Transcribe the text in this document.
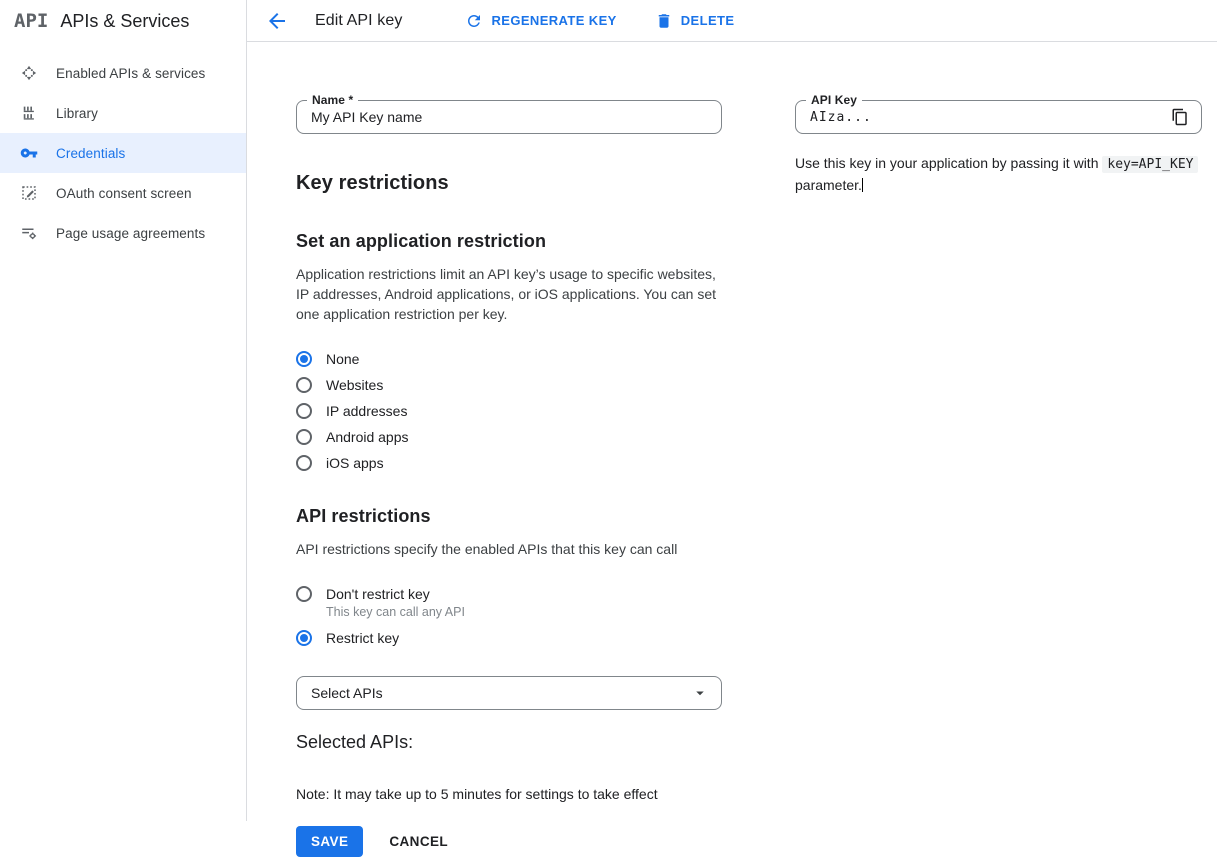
API APIs & Services
Enabled APIs & services
Library
Credentials
OAuth consent screen
Page usage agreements
Edit API key	REGENERATE KEY	DELETE
Name *
My API Key name
Key restrictions
Set an application restriction

Application restrictions limit an API key’s usage to specific websites, IP addresses, Android applications, or iOS applications. You can set one application restriction per key.

None
Websites
IP addresses
Android apps
iOS apps
API restrictions

API restrictions specify the enabled APIs that this key can call

Don't restrict key
This key can call any API
Restrict key
Select APIs
Selected APIs:

Note: It may take up to 5 minutes for settings to take effect

SAVE	CANCEL
API Key
AIza...

Use this key in your application by passing it with key=API_KEY parameter.
